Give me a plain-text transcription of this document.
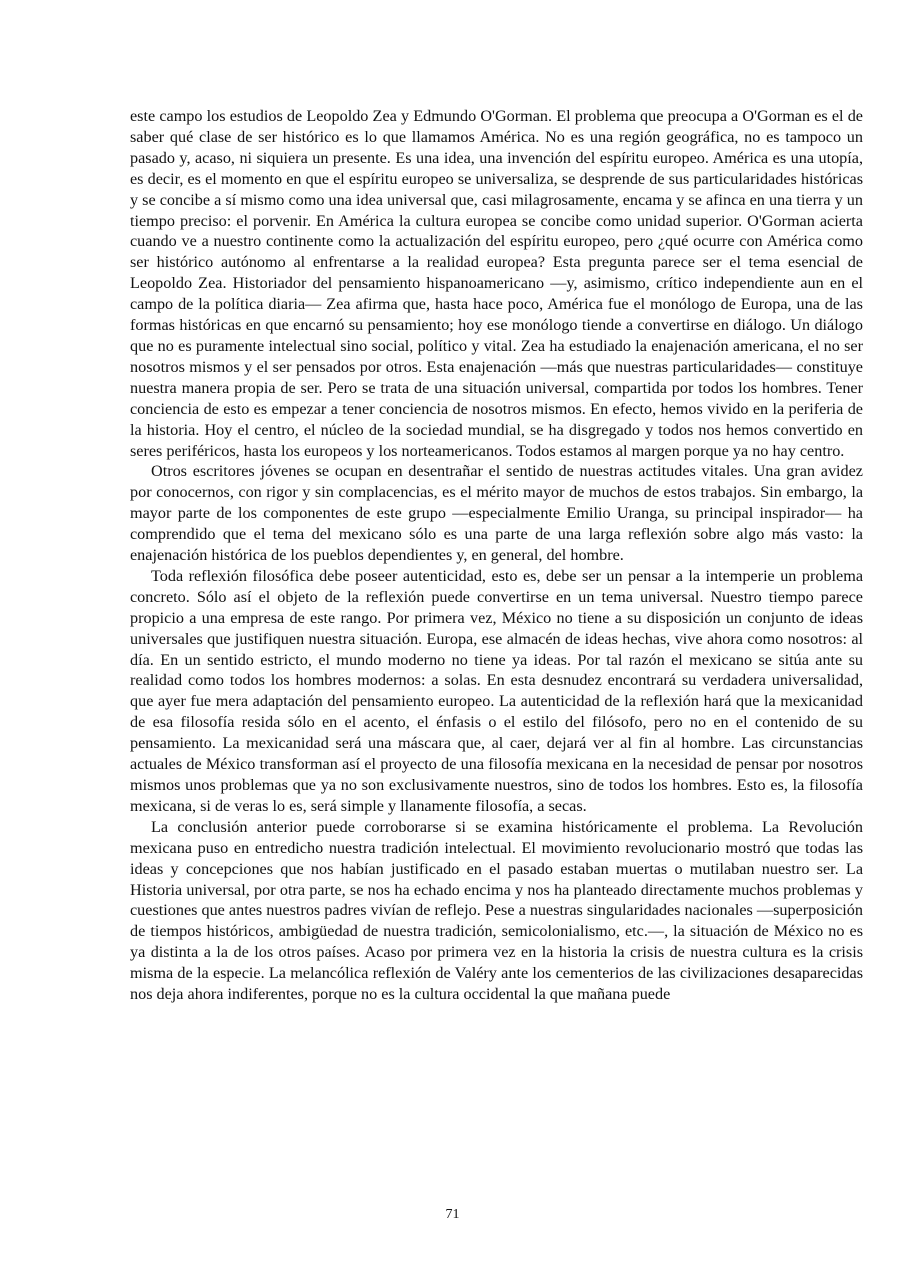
este campo los estudios de Leopoldo Zea y Edmundo O'Gorman. El problema que preocupa a O'Gorman es el de saber qué clase de ser histórico es lo que llamamos América. No es una región geográfica, no es tampoco un pasado y, acaso, ni siquiera un presente. Es una idea, una invención del espíritu europeo. América es una utopía, es decir, es el momento en que el espíritu europeo se universaliza, se desprende de sus particularidades históricas y se concibe a sí mismo como una idea universal que, casi milagrosamente, encama y se afinca en una tierra y un tiempo preciso: el porvenir. En América la cultura europea se concibe como unidad superior. O'Gorman acierta cuando ve a nuestro continente como la actualización del espíritu europeo, pero ¿qué ocurre con América como ser histórico autónomo al enfrentarse a la realidad europea? Esta pregunta parece ser el tema esencial de Leopoldo Zea. Historiador del pensamiento hispanoamericano —y, asimismo, crítico independiente aun en el campo de la política diaria— Zea afirma que, hasta hace poco, América fue el monólogo de Europa, una de las formas históricas en que encarnó su pensamiento; hoy ese monólogo tiende a convertirse en diálogo. Un diálogo que no es puramente intelectual sino social, político y vital. Zea ha estudiado la enajenación americana, el no ser nosotros mismos y el ser pensados por otros. Esta enajenación —más que nuestras particularidades— constituye nuestra manera propia de ser. Pero se trata de una situación universal, compartida por todos los hombres. Tener conciencia de esto es empezar a tener conciencia de nosotros mismos. En efecto, hemos vivido en la periferia de la historia. Hoy el centro, el núcleo de la sociedad mundial, se ha disgregado y todos nos hemos convertido en seres periféricos, hasta los europeos y los norteamericanos. Todos estamos al margen porque ya no hay centro.

Otros escritores jóvenes se ocupan en desentrañar el sentido de nuestras actitudes vitales. Una gran avidez por conocernos, con rigor y sin complacencias, es el mérito mayor de muchos de estos trabajos. Sin embargo, la mayor parte de los componentes de este grupo —especialmente Emilio Uranga, su principal inspirador— ha comprendido que el tema del mexicano sólo es una parte de una larga reflexión sobre algo más vasto: la enajenación histórica de los pueblos dependientes y, en general, del hombre.

Toda reflexión filosófica debe poseer autenticidad, esto es, debe ser un pensar a la intemperie un problema concreto. Sólo así el objeto de la reflexión puede convertirse en un tema universal. Nuestro tiempo parece propicio a una empresa de este rango. Por primera vez, México no tiene a su disposición un conjunto de ideas universales que justifiquen nuestra situación. Europa, ese almacén de ideas hechas, vive ahora como nosotros: al día. En un sentido estricto, el mundo moderno no tiene ya ideas. Por tal razón el mexicano se sitúa ante su realidad como todos los hombres modernos: a solas. En esta desnudez encontrará su verdadera universalidad, que ayer fue mera adaptación del pensamiento europeo. La autenticidad de la reflexión hará que la mexicanidad de esa filosofía resida sólo en el acento, el énfasis o el estilo del filósofo, pero no en el contenido de su pensamiento. La mexicanidad será una máscara que, al caer, dejará ver al fin al hombre. Las circunstancias actuales de México transforman así el proyecto de una filosofía mexicana en la necesidad de pensar por nosotros mismos unos problemas que ya no son exclusivamente nuestros, sino de todos los hombres. Esto es, la filosofía mexicana, si de veras lo es, será simple y llanamente filosofía, a secas.

La conclusión anterior puede corroborarse si se examina históricamente el problema. La Revolución mexicana puso en entredicho nuestra tradición intelectual. El movimiento revolucionario mostró que todas las ideas y concepciones que nos habían justificado en el pasado estaban muertas o mutilaban nuestro ser. La Historia universal, por otra parte, se nos ha echado encima y nos ha planteado directamente muchos problemas y cuestiones que antes nuestros padres vivían de reflejo. Pese a nuestras singularidades nacionales —superposición de tiempos históricos, ambigüedad de nuestra tradición, semicolonialismo, etc.—, la situación de México no es ya distinta a la de los otros países. Acaso por primera vez en la historia la crisis de nuestra cultura es la crisis misma de la especie. La melancólica reflexión de Valéry ante los cementerios de las civilizaciones desaparecidas nos deja ahora indiferentes, porque no es la cultura occidental la que mañana puede

71
